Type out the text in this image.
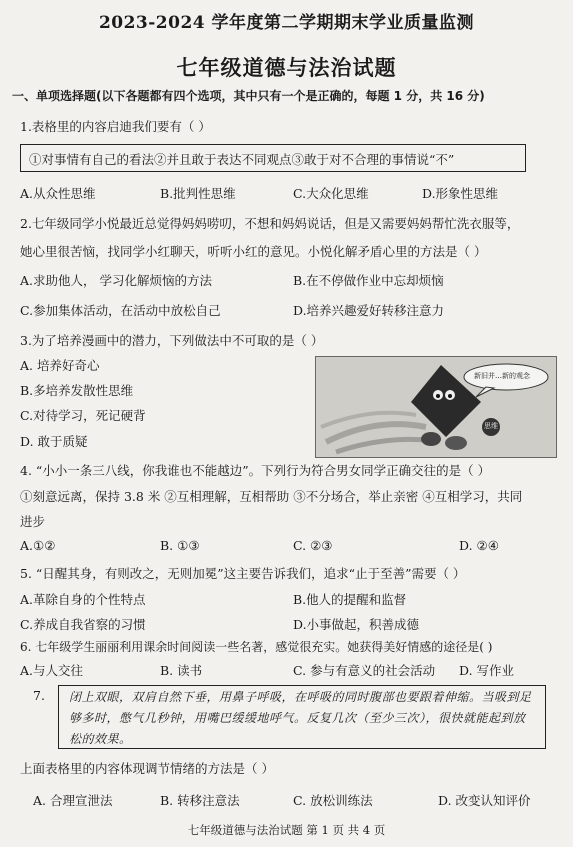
2023-2024 学年度第二学期期末学业质量监测
七年级道德与法治试题
一、单项选择题(以下各题都有四个选项，其中只有一个是正确的，每题 1 分，共 16 分)
1.表格里的内容启迪我们要有（ ）
①对事情有自己的看法②并且敢于表达不同观点③敢于对不合理的事情说“不”
A.从众性思维	B.批判性思维	C.大众化思维	D.形象性思维
2.七年级同学小悦最近总觉得妈妈唠叨，不想和妈妈说话，但是又需要妈妈帮忙洗衣服等，
她心里很苦恼，找同学小红聊天，听听小红的意见。小悦化解矛盾心里的方法是（ ）
A.求助他人， 学习化解烦恼的方法	B.在不停做作业中忘却烦恼
C.参加集体活动，在活动中放松自己	D.培养兴趣爱好转移注意力
3.为了培养漫画中的潜力，下列做法中不可取的是（ ）
A. 培养好奇心
B.多培养发散性思维
C.对待学习，死记硬背
D. 敢于质疑
新旧并…新的观念
思维
4. “小小一条三八线，你我谁也不能越边”。下列行为符合男女同学正确交往的是（ ）
①刻意远离，保持 3.8 米 ②互相理解，互相帮助 ③不分场合，举止亲密 ④互相学习，共同
进步
A.①②	B. ①③	C. ②③	D. ②④
5. “日醒其身，有则改之，无则加冕”这主要告诉我们，追求“止于至善”需要（ ）
A.革除自身的个性特点	B.他人的提醒和监督
C.养成自我省察的习惯	D.小事做起，积善成德
6. 七年级学生丽丽利用课余时间阅读一些名著，感觉很充实。她获得美好情感的途径是( )
A.与人交往	B. 读书	C. 参与有意义的社会活动 D. 写作业
7.	闭上双眼，双肩自然下垂，用鼻子呼吸，在呼吸的同时腹部也要跟着伸缩。当吸到足够多时，憋气几秒钟，用嘴巴缓缓地呼气。反复几次（至少三次），很快就能起到放松的效果。
上面表格里的内容体现调节情绪的方法是（ ）
A. 合理宣泄法	B. 转移注意法	C. 放松训练法	D. 改变认知评价
七年级道德与法治试题 第 1 页 共 4 页
